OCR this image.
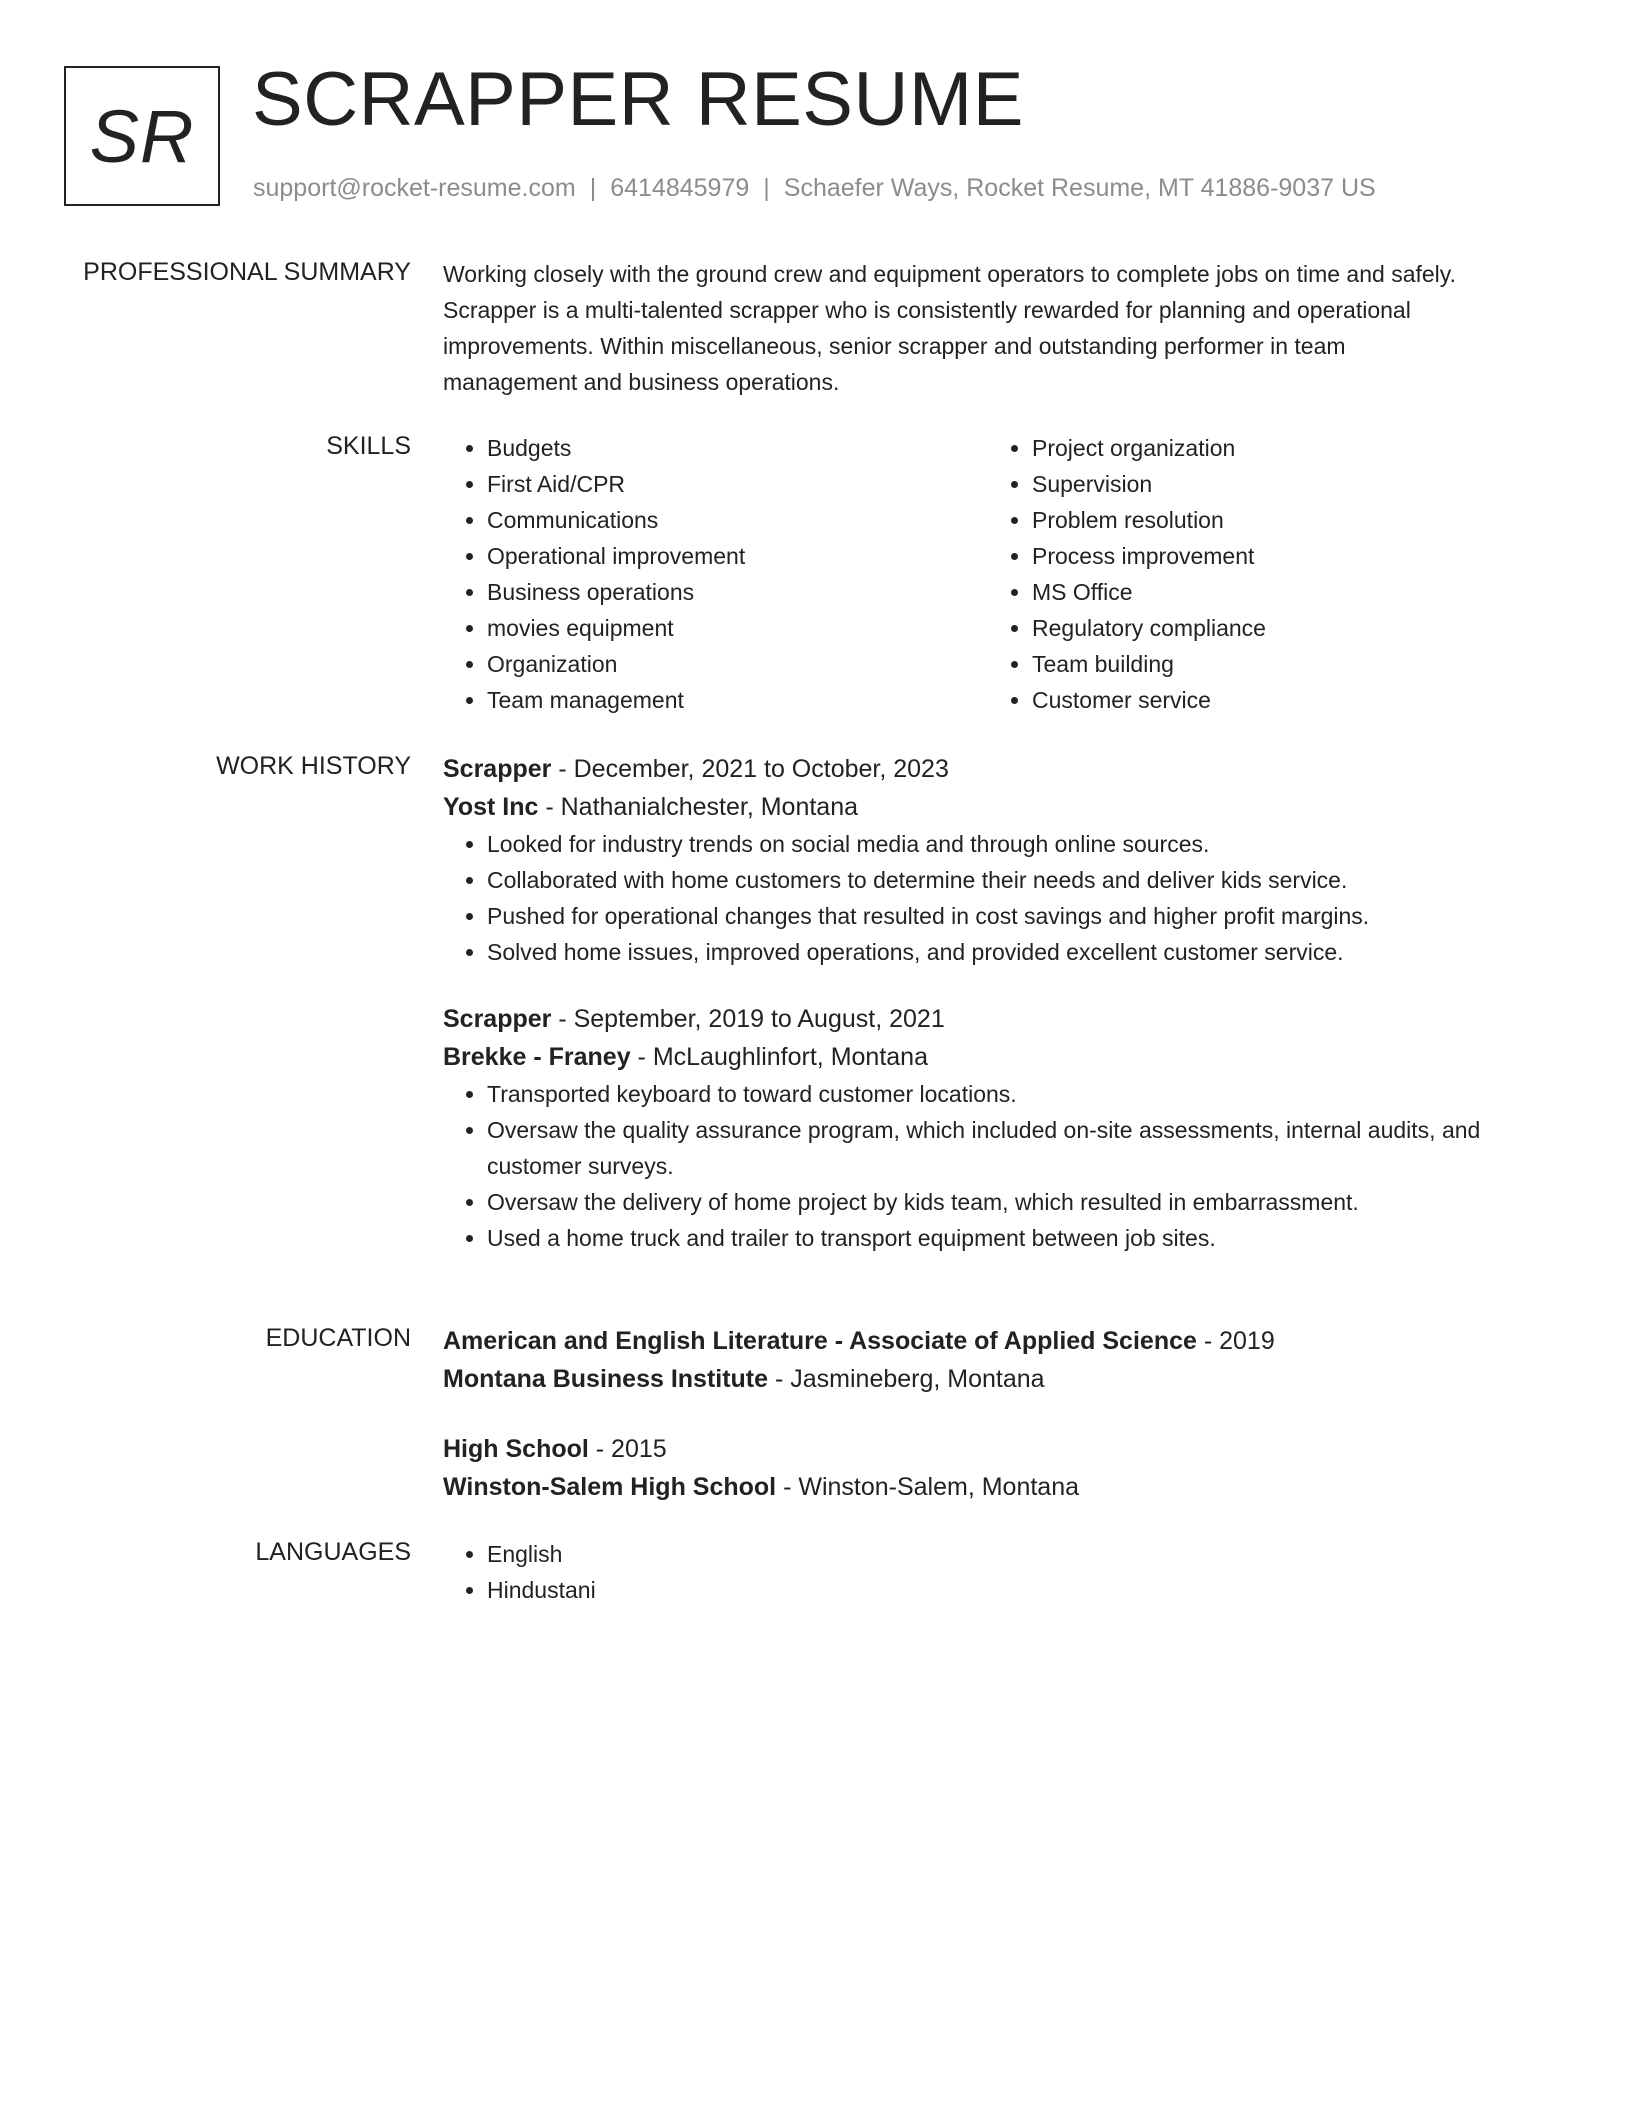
SR SCRAPPER RESUME
support@rocket-resume.com | 6414845979 | Schaefer Ways, Rocket Resume, MT 41886-9037 US
PROFESSIONAL SUMMARY Working closely with the ground crew and equipment operators to complete jobs on time and safely.
Scrapper is a multi-talented scrapper who is consistently rewarded for planning and operational
improvements. Within miscellaneous, senior scrapper and outstanding performer in team
management and business operations.
SKILLS	• Budgets
• First Aid/CPR
• Communications
• Operational improvement
• Business operations
• movies equipment
• Organization
• Team management
• Project organization
• Supervision
• Problem resolution
• Process improvement
• MS Office
• Regulatory compliance
• Team building
• Customer service
WORK HISTORY Scrapper - December, 2021 to October, 2023
Yost Inc - Nathanialchester, Montana
• Looked for industry trends on social media and through online sources.
• Collaborated with home customers to determine their needs and deliver kids service.
• Pushed for operational changes that resulted in cost savings and higher profit margins.
• Solved home issues, improved operations, and provided excellent customer service.
Scrapper - September, 2019 to August, 2021
Brekke - Franey - McLaughlinfort, Montana
• Transported keyboard to toward customer locations.
• Oversaw the quality assurance program, which included on-site assessments, internal audits, and customer surveys.
• Oversaw the delivery of home project by kids team, which resulted in embarrassment.
• Used a home truck and trailer to transport equipment between job sites.
EDUCATION American and English Literature - Associate of Applied Science - 2019
Montana Business Institute - Jasmineberg, Montana
High School - 2015
Winston-Salem High School - Winston-Salem, Montana
LANGUAGES	• English
• Hindustani
